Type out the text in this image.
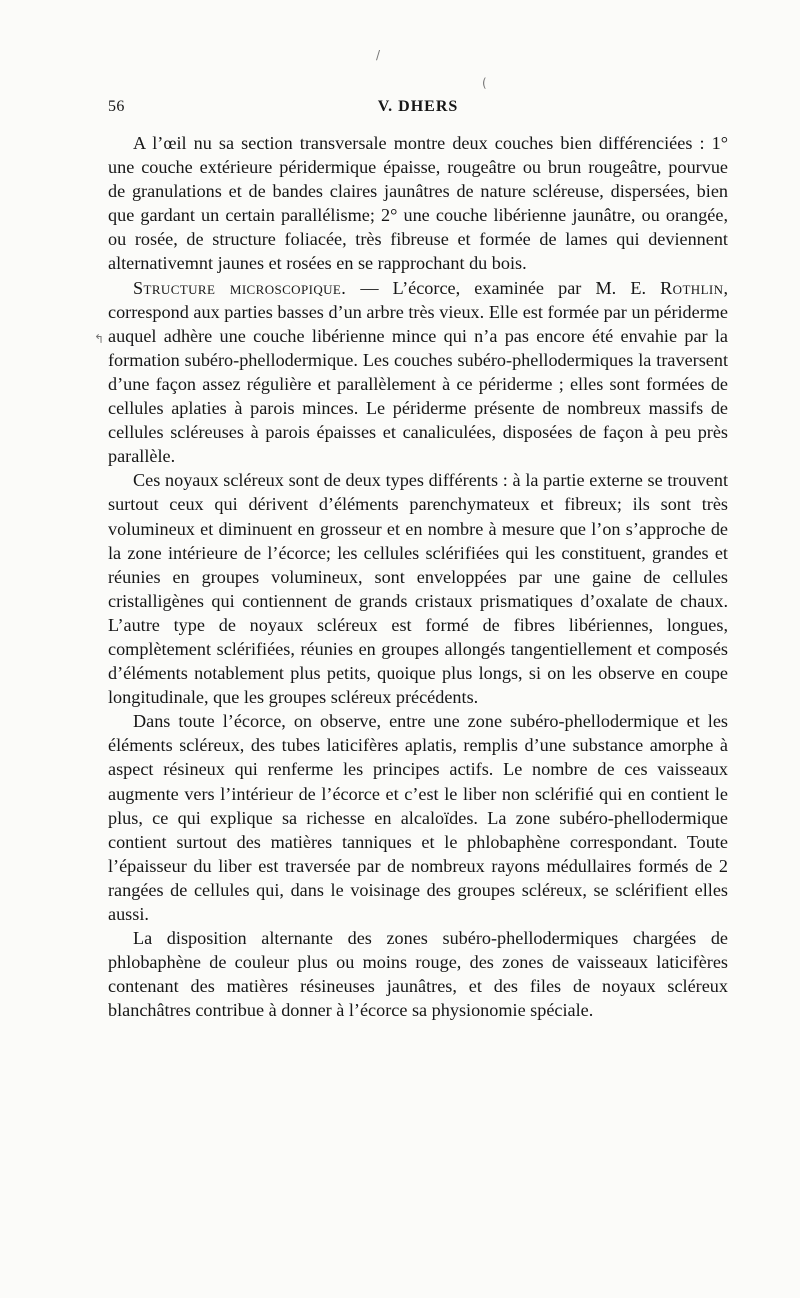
/
(
↰
56	V. DHERS

A l’œil nu sa section transversale montre deux couches bien différenciées : 1° une couche extérieure péridermique épaisse, rougeâtre ou brun rougeâtre, pourvue de granulations et de bandes claires jaunâtres de nature scléreuse, dispersées, bien que gardant un certain parallélisme; 2° une couche libérienne jaunâtre, ou orangée, ou rosée, de structure foliacée, très fibreuse et formée de lames qui deviennent alternativemnt jaunes et rosées en se rapprochant du bois.

Structure microscopique. — L’écorce, examinée par M. E. Rothlin, correspond aux parties basses d’un arbre très vieux. Elle est formée par un périderme auquel adhère une couche libérienne mince qui n’a pas encore été envahie par la formation subéro-phellodermique. Les couches subéro-phellodermiques la traversent d’une façon assez régulière et parallèlement à ce périderme ; elles sont formées de cellules aplaties à parois minces. Le périderme présente de nombreux massifs de cellules scléreuses à parois épaisses et canaliculées, disposées de façon à peu près parallèle.

Ces noyaux scléreux sont de deux types différents : à la partie externe se trouvent surtout ceux qui dérivent d’éléments parenchymateux et fibreux; ils sont très volumineux et diminuent en grosseur et en nombre à mesure que l’on s’approche de la zone intérieure de l’écorce; les cellules sclérifiées qui les constituent, grandes et réunies en groupes volumineux, sont enveloppées par une gaine de cellules cristalligènes qui contiennent de grands cristaux prismatiques d’oxalate de chaux. L’autre type de noyaux scléreux est formé de fibres libériennes, longues, complètement sclérifiées, réunies en groupes allongés tangentiellement et composés d’éléments notablement plus petits, quoique plus longs, si on les observe en coupe longitudinale, que les groupes scléreux précédents.

Dans toute l’écorce, on observe, entre une zone subéro-phellodermique et les éléments scléreux, des tubes laticifères aplatis, remplis d’une substance amorphe à aspect résineux qui renferme les principes actifs. Le nombre de ces vaisseaux augmente vers l’intérieur de l’écorce et c’est le liber non sclérifié qui en contient le plus, ce qui explique sa richesse en alcaloïdes. La zone subéro-phellodermique contient surtout des matières tanniques et le phlobaphène correspondant. Toute l’épaisseur du liber est traversée par de nombreux rayons médullaires formés de 2 rangées de cellules qui, dans le voisinage des groupes scléreux, se sclérifient elles aussi.

La disposition alternante des zones subéro-phellodermiques chargées de phlobaphène de couleur plus ou moins rouge, des zones de vaisseaux laticifères contenant des matières résineuses jaunâtres, et des files de noyaux scléreux blanchâtres contribue à donner à l’écorce sa physionomie spéciale.
